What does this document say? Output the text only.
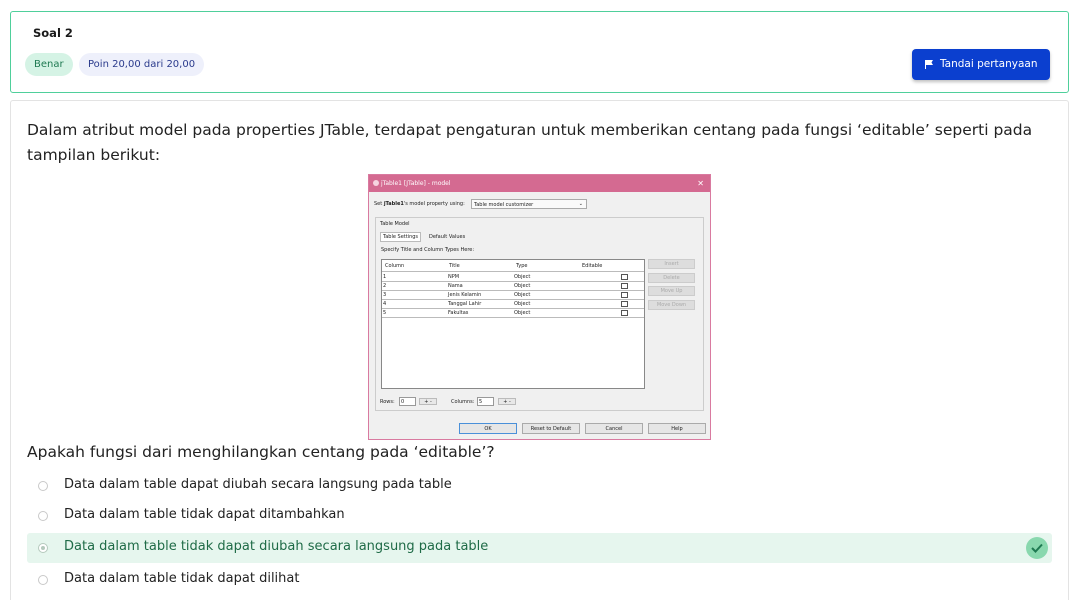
Soal 2
Benar	Poin 20,00 dari 20,00	Tandai pertanyaan
Dalam atribut model pada properties JTable, terdapat pengaturan untuk memberikan centang pada fungsi ‘editable’ seperti pada tampilan berikut:
jTable1 [JTable] - model	✕
Set jTable1's model property using: Table model customizer	⌄
Table Model
Table Settings	Default Values
Specify Title and Column Types Here:
Column	Title	Type	Editable
1	NPM	Object
2	Nama	Object
3	Jenis Kelamin	Object
4	Tanggal Lahir	Object
5	Fakultas	Object
Insert
Delete
Move Up
Move Down
Rows:	0	+ -	Columns: 5	+ -
OK	Reset to Default	Cancel	Help
Apakah fungsi dari menghilangkan centang pada ‘editable’?
Data dalam table dapat diubah secara langsung pada table
Data dalam table tidak dapat ditambahkan
Data dalam table tidak dapat diubah secara langsung pada table
Data dalam table tidak dapat dilihat
